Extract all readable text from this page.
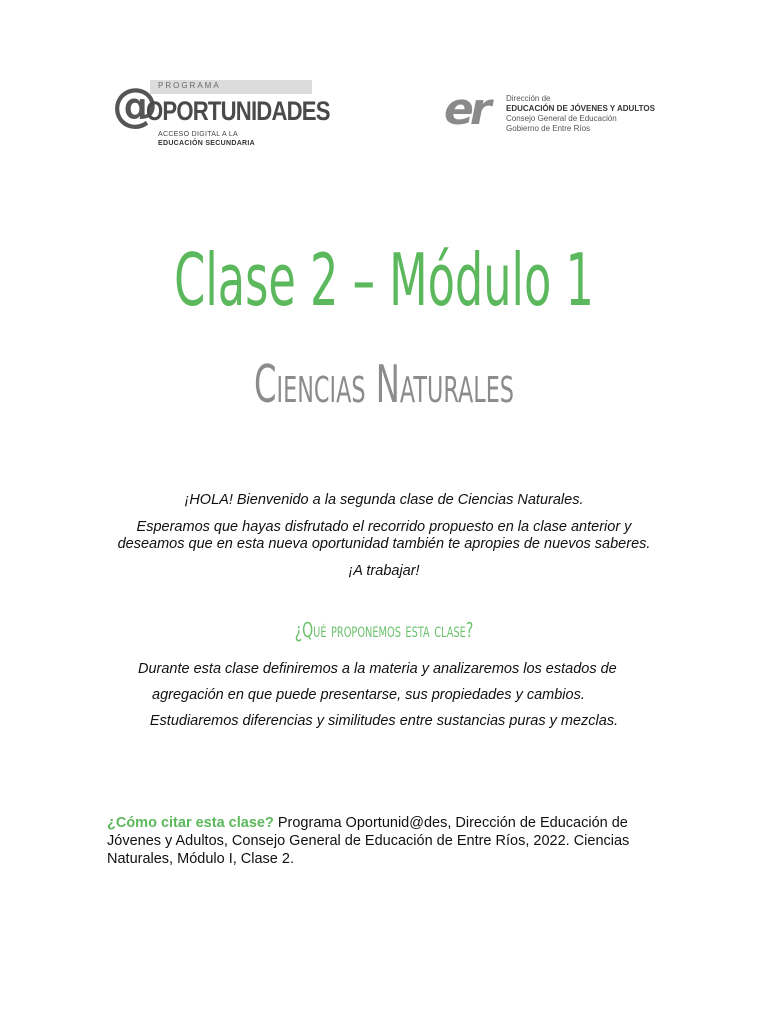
PROGRAMA
@
OPORTUNIDADES
ACCESO DIGITAL A LA
EDUCACIÓN SECUNDARIA
er Dirección de
EDUCACIÓN DE JÓVENES Y ADULTOS
Consejo General de Educación
Gobierno de Entre Ríos
Clase 2 – Módulo 1
Ciencias Naturales

¡HOLA! Bienvenido a la segunda clase de Ciencias Naturales.

Esperamos que hayas disfrutado el recorrido propuesto en la clase anterior y deseamos que en esta nueva oportunidad también te apropies de nuevos saberes.

¡A trabajar!

¿Qué proponemos esta clase?
Durante esta clase definiremos a la materia y analizaremos los estados de
agregación en que puede presentarse, sus propiedades y cambios.
Estudiaremos diferencias y similitudes entre sustancias puras y mezclas.
¿Cómo citar esta clase? Programa Oportunid@des, Dirección de Educación de Jóvenes y Adultos, Consejo General de Educación de Entre Ríos, 2022. Ciencias Naturales, Módulo I, Clase 2.
